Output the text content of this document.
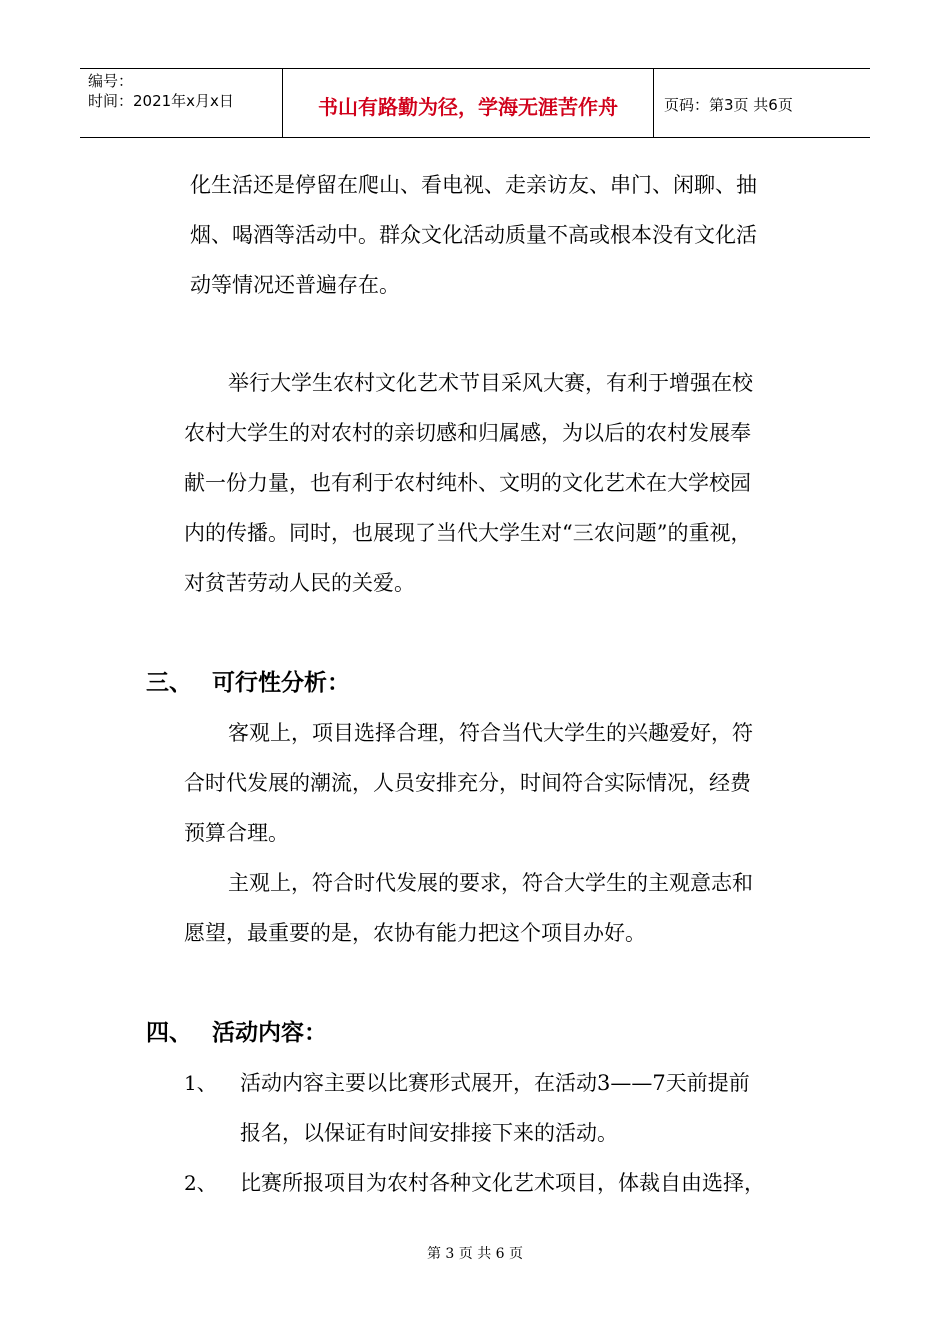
编号：
时间：2021年x月x日	书山有路勤为径，学海无涯苦作舟	页码：第3页 共6页
化生活还是停留在爬山、看电视、走亲访友、串门、闲聊、抽
烟、喝酒等活动中。群众文化活动质量不高或根本没有文化活
动等情况还普遍存在。
举行大学生农村文化艺术节目采风大赛，有利于增强在校
农村大学生的对农村的亲切感和归属感，为以后的农村发展奉
献一份力量，也有利于农村纯朴、文明的文化艺术在大学校园
内的传播。同时，也展现了当代大学生对“三农问题”的重视，
对贫苦劳动人民的关爱。
三、 可行性分析：
客观上，项目选择合理，符合当代大学生的兴趣爱好，符
合时代发展的潮流，人员安排充分，时间符合实际情况，经费
预算合理。
主观上，符合时代发展的要求，符合大学生的主观意志和
愿望，最重要的是，农协有能力把这个项目办好。
四、 活动内容：
1、 活动内容主要以比赛形式展开，在活动3——7天前提前
报名，以保证有时间安排接下来的活动。
2、 比赛所报项目为农村各种文化艺术项目，体裁自由选择，
第 3 页 共 6 页
